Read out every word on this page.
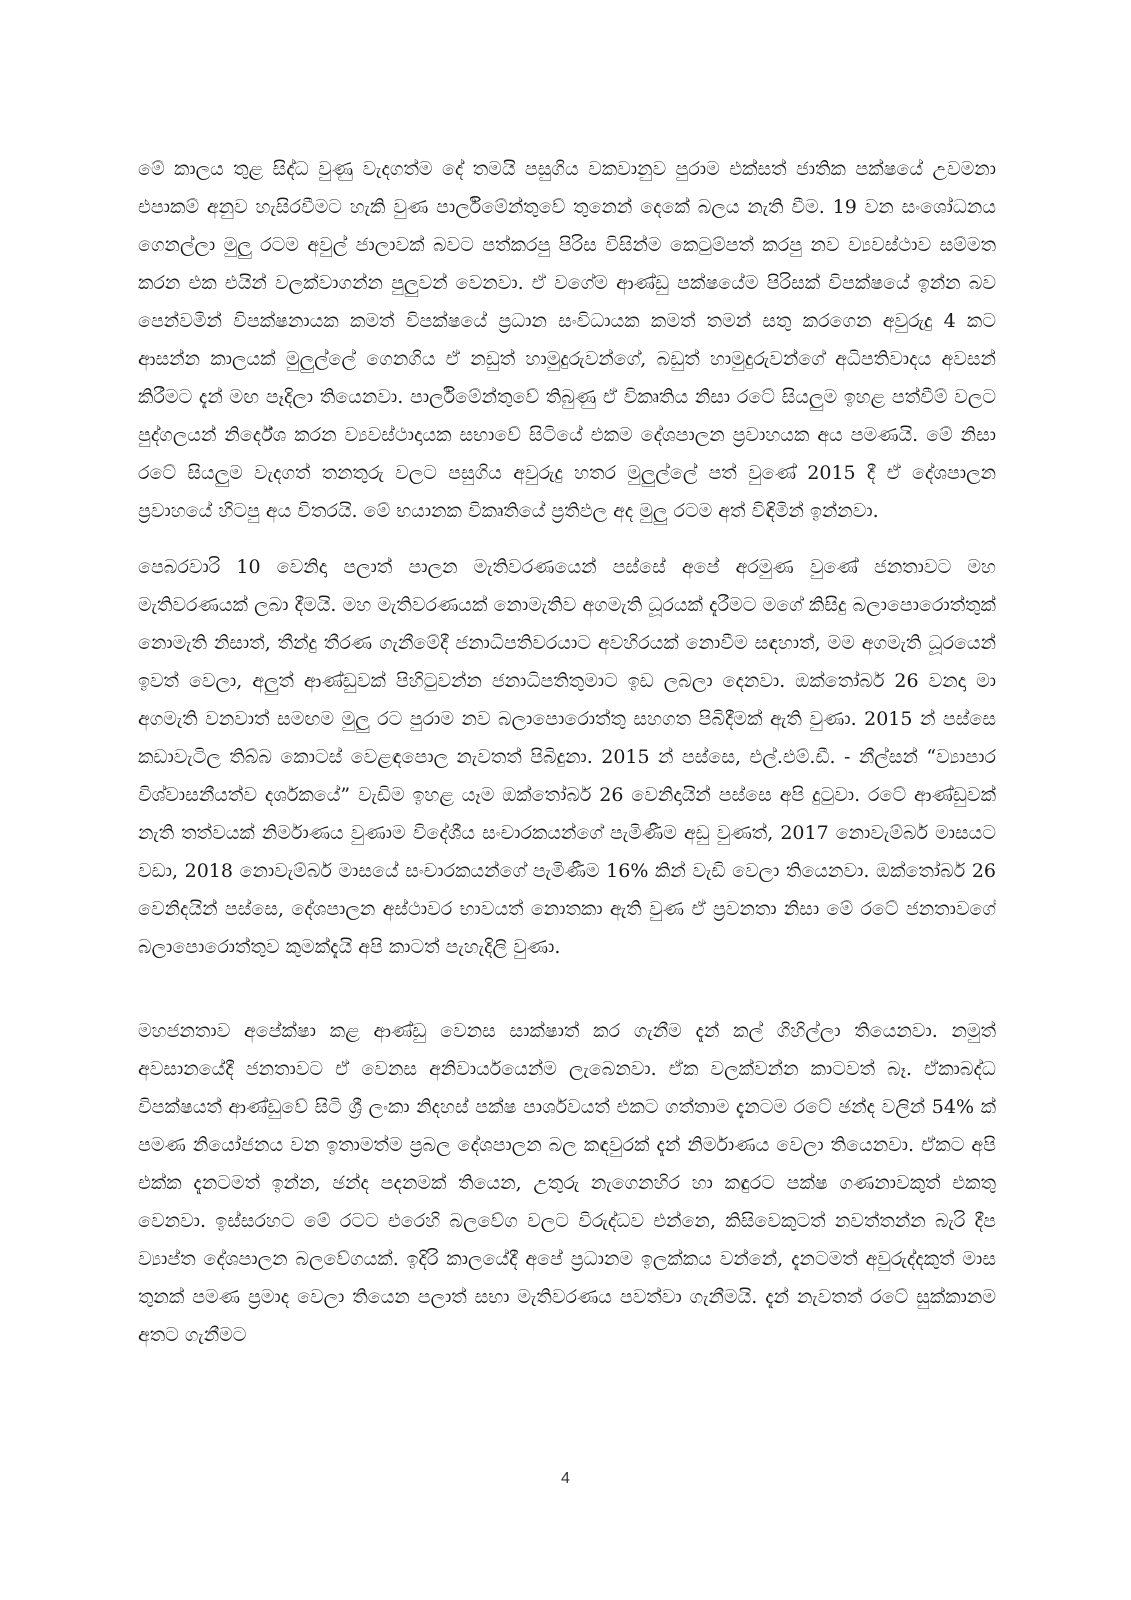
මේ කාලය තුළ සිද්ධ වුණු වැදගත්ම දේ තමයි පසුගිය වකවානුව පුරාම එක්සත් ජාතික පක්ෂයේ උවමනා එපාකම් අනුව හැසිරවීමට හැකි වුණ පාර්ලිමේන්තුවේ තුනෙන් දෙකේ බලය නැති වීම. 19 වන සංශෝධනය ගෙනල්ලා මුලු රටම අවුල් ජාලාවක් බවට පත්කරපු පිරිස විසින්ම කෙටුම්පත් කරපු නව ව්‍යවස්ථාව සම්මත කරන එක එයින් වලක්වාගන්න පුලුවන් වෙනවා. ඒ වගේම ආණ්ඩු පක්ෂයේම පිරිසක් විපක්ෂයේ ඉන්න බව පෙන්වමින් විපක්ෂනායක කමත් විපක්ෂයේ ප්‍රධාන සංවිධායක කමත් තමන් සතු කරගෙන අවුරුදු 4 කට ආසන්න කාලයක් මුලුල්ලේ ගෙනගිය ඒ නඩුත් හාමුදුරුවන්ගේ, බඩුත් හාමුදුරුවන්ගේ අධිපතිවාදය අවසන් කිරීමට දැන් මඟ පෑදිලා තියෙනවා. පාර්ලිමේන්තුවේ තිබුණු ඒ විකෘතිය නිසා රටේ සියලුම ඉහළ පත්වීම් වලට පුද්ගලයන් නිර්දේශ කරන ව්‍යවස්ථාදායක සභාවේ සිටියේ එකම දේශපාලන ප්‍රවාහයක අය පමණයි. මේ නිසා රටේ සියලුම වැදගත් තනතුරු වලට පසුගිය අවුරුදු හතර මුලුල්ලේ පත් වුණේ 2015 දී ඒ දේශපාලන ප්‍රවාහයේ හිටපු අය විතරයි. මේ භයානක විකෘතියේ ප්‍රතිඵල අද මුලු රටම අත් විඳිමින් ඉන්නවා.

පෙබරවාරි 10 වෙනිදා පලාත් පාලන මැතිවරණයෙන් පස්සේ අපේ අරමුණ වුණේ ජනතාවට මහ මැතිවරණයක් ලබා දීමයි. මහ මැතිවරණයක් නොමැතිව අගමැති ධූරයක් දැරීමට මගේ කිසිදු බලාපොරොත්තුක් නොමැති නිසාත්, තීන්දු තීරණ ගැනීමේදී ජනාධිපතිවරයාට අවහිරයක් නොවීම සඳහාත්, මම අගමැති ධූරයෙන් ඉවත් වෙලා, අලුත් ආණ්ඩුවක් පිහිටුවන්න ජනාධිපතිතුමාට ඉඩ ලබලා දෙනවා. ඔක්තෝබර් 26 වනදා මා අගමැති වනවාත් සමඟම මුලු රට පුරාම නව බලාපොරොත්තු සහගත පිබිදීමක් ඇති වුණා. 2015 න් පස්සෙ කඩාවැටිල තිබ්බ කොටස් වෙළඳපොල නැවතත් පිබිදුනා. 2015 න් පස්සෙ, එල්.එම්.ඩී. - නීල්සන් “ව්‍යාපාර විශ්වාසනීයත්ව දර්ශකයේ” වැඩිම ඉහළ යෑම ඔක්තෝබර් 26 වෙනිදායින් පස්සෙ අපි දුටුවා. රටේ ආණ්ඩුවක් නැති තත්වයක් නිර්මාණය වුණාම විදේශීය සංචාරකයන්ගේ පැමිණීම අඩු වුණත්, 2017 නොවැම්බර් මාසයට වඩා, 2018 නොවැම්බර් මාසයේ සංචාරකයන්ගේ පැමිණීම 16% කින් වැඩි වෙලා තියෙනවා. ඔක්තෝබර් 26 වෙනිදයින් පස්සෙ, දේශපාලන අස්ථාවර භාවයත් නොතකා ඇති වුණ ඒ ප්‍රවනතා නිසා මේ රටේ ජනතාවගේ බලාපොරොත්තුව කුමක්දැයි අපි කාටත් පැහැදිලි වුණා.

මහජනතාව අපේක්ෂා කළ ආණ්ඩු වෙනස සාක්ෂාත් කර ගැනීම දැන් කල් ගිහිල්ලා තියෙනවා. නමුත් අවසානයේදී ජනතාවට ඒ වෙනස අනිවාර්යයෙන්ම ලැබෙනවා. ඒක වලක්වන්න කාටවත් බෑ. ඒකාබද්ධ විපක්ෂයත් ආණ්ඩුවේ සිටි ශ්‍රී ලංකා නිදහස් පක්ෂ පාර්ශවයත් එකට ගත්තාම දැනටම රටේ ඡන්ද වලින් 54% ක් පමණ නියෝජනය වන ඉතාමත්ම ප්‍රබල දේශපාලන බල කඳවුරක් දැන් නිර්මාණය වෙලා තියෙනවා. ඒකට අපි එක්ක දැනටමත් ඉන්න, ඡන්ද පදනමක් තියෙන, උතුරු නැගෙනහිර හා කඳුරට පක්ෂ ගණනාවකුත් එකතු වෙනවා. ඉස්සරහට මේ රටට එරෙහි බලවේග වලට විරුද්ධව එන්නෙ, කිසිවෙකුටත් නවත්තන්න බැරි දීප ව්‍යාප්ත දේශපාලන බලවේගයක්. ඉදිරි කාලයේදී අපේ ප්‍රධානම ඉලක්කය වන්නේ, දැනටමත් අවුරුද්දකුත් මාස තුනක් පමණ ප්‍රමාද වෙලා තියෙන පලාත් සභා මැතිවරණය පවත්වා ගැනීමයි. දැන් නැවතත් රටේ සුක්කානම අතට ගැනීමට

4
